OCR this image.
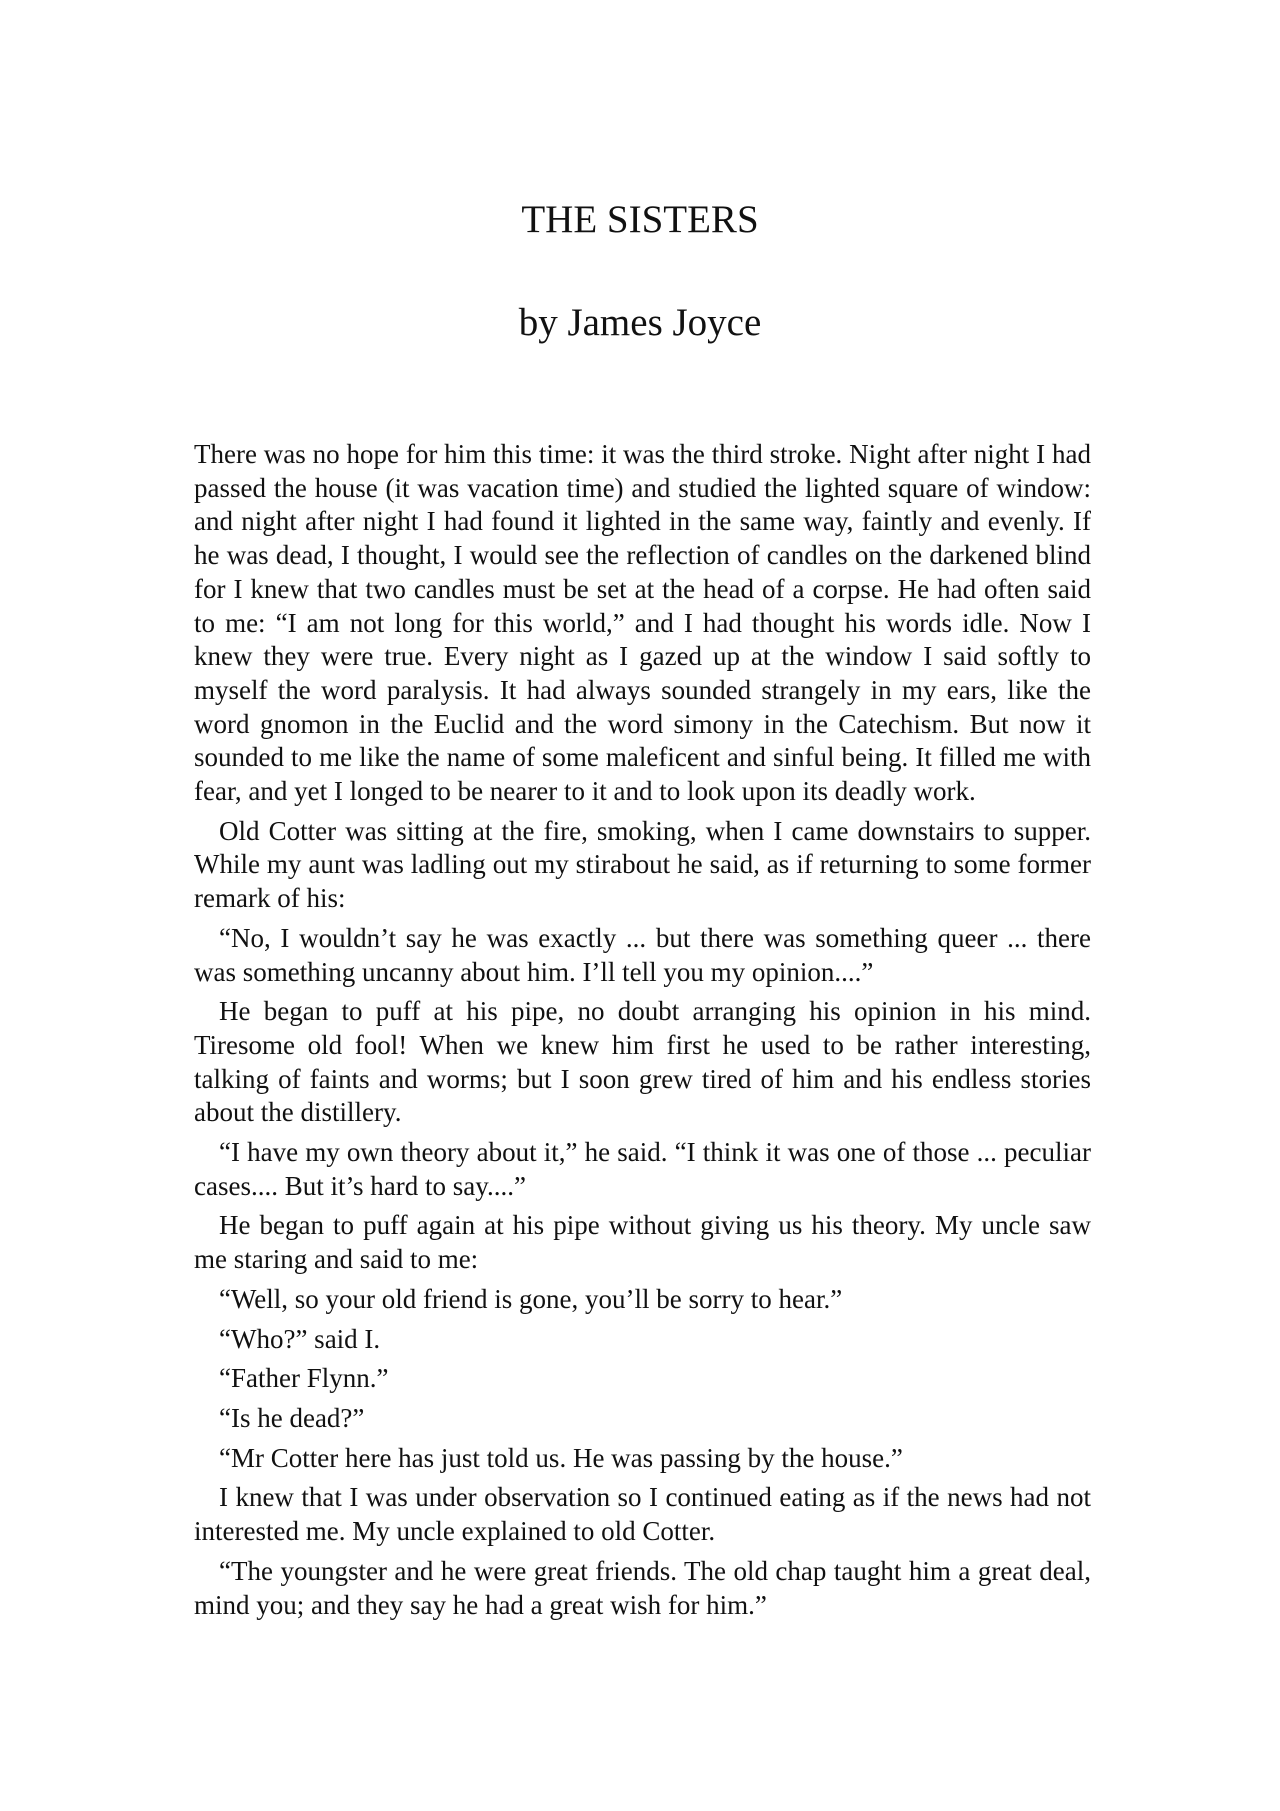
THE SISTERS
by James Joyce

There was no hope for him this time: it was the third stroke. Night after night I had passed the house (it was vacation time) and studied the lighted square of window: and night after night I had found it lighted in the same way, faintly and evenly. If he was dead, I thought, I would see the reflection of candles on the darkened blind for I knew that two candles must be set at the head of a corpse. He had often said to me: “I am not long for this world,” and I had thought his words idle. Now I knew they were true. Every night as I gazed up at the window I said softly to myself the word paralysis. It had always sounded strangely in my ears, like the word gnomon in the Euclid and the word simony in the Catechism. But now it sounded to me like the name of some maleficent and sinful being. It filled me with fear, and yet I longed to be nearer to it and to look upon its deadly work.

Old Cotter was sitting at the fire, smoking, when I came downstairs to supper. While my aunt was ladling out my stirabout he said, as if returning to some former remark of his:

“No, I wouldn’t say he was exactly ... but there was something queer ... there was something uncanny about him. I’ll tell you my opinion....”

He began to puff at his pipe, no doubt arranging his opinion in his mind. Tiresome old fool! When we knew him first he used to be rather interesting, talking of faints and worms; but I soon grew tired of him and his endless stories about the distillery.

“I have my own theory about it,” he said. “I think it was one of those ... peculiar cases.... But it’s hard to say....”

He began to puff again at his pipe without giving us his theory. My uncle saw me staring and said to me:

“Well, so your old friend is gone, you’ll be sorry to hear.”

“Who?” said I.

“Father Flynn.”

“Is he dead?”

“Mr Cotter here has just told us. He was passing by the house.”

I knew that I was under observation so I continued eating as if the news had not interested me. My uncle explained to old Cotter.

“The youngster and he were great friends. The old chap taught him a great deal, mind you; and they say he had a great wish for him.”
